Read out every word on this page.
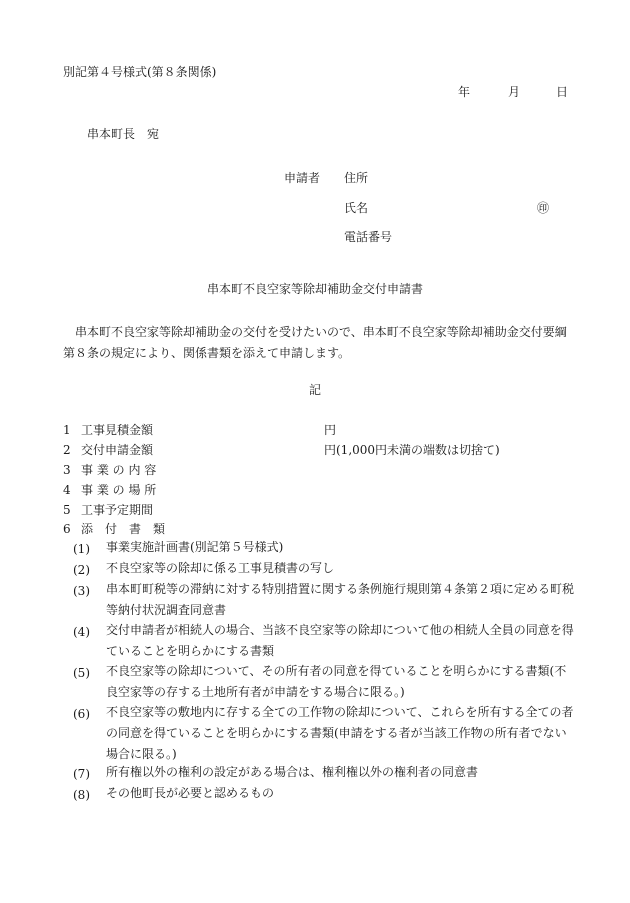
別記第４号様式(第８条関係)
年	月	日
串本町長　宛
申請者 住所
氏名	㊞
電話番号
串本町不良空家等除却補助金交付申請書
串本町不良空家等除却補助金の交付を受けたいので、串本町不良空家等除却補助金交付要綱第８条の規定により、関係書類を添えて申請します。
記
1 工事見積金額	円
2 交付申請金額	円(1,000円未満の端数は切捨て)
3 事 業 の 内 容
4 事 業 の 場 所
5 工事予定期間
6 添　付　書　類
(1) 事業実施計画書(別記第５号様式)
(2) 不良空家等の除却に係る工事見積書の写し
(3) 串本町町税等の滞納に対する特別措置に関する条例施行規則第４条第２項に定める町税等納付状況調査同意書
(4) 交付申請者が相続人の場合、当該不良空家等の除却について他の相続人全員の同意を得ていることを明らかにする書類
(5) 不良空家等の除却について、その所有者の同意を得ていることを明らかにする書類(不良空家等の存する土地所有者が申請をする場合に限る。)
(6) 不良空家等の敷地内に存する全ての工作物の除却について、これらを所有する全ての者の同意を得ていることを明らかにする書類(申請をする者が当該工作物の所有者でない場合に限る。)
(7) 所有権以外の権利の設定がある場合は、権利権以外の権利者の同意書
(8) その他町長が必要と認めるもの
